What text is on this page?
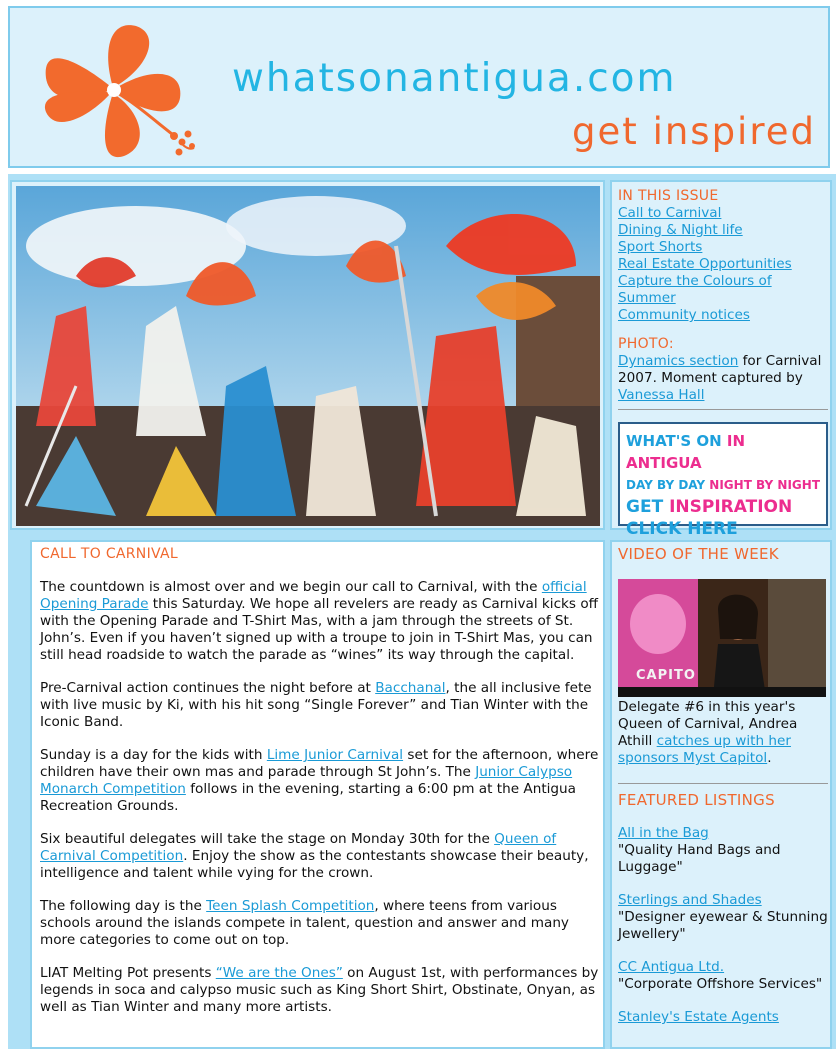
whatsonantigua.com
get inspired
IN THIS ISSUE
Call to Carnival
Dining & Night life
Sport Shorts
Real Estate Opportunities
Capture the Colours of Summer
Community notices
PHOTO:
Dynamics section for Carnival 2007. Moment captured by Vanessa Hall
WHAT'S ON IN ANTIGUA
DAY BY DAY NIGHT BY NIGHT
GET INSPIRATION
CLICK HERE
CALL TO CARNIVAL

The countdown is almost over and we begin our call to Carnival, with the official Opening Parade this Saturday. We hope all revelers are ready as Carnival kicks off with the Opening Parade and T-Shirt Mas, with a jam through the streets of St. John’s. Even if you haven’t signed up with a troupe to join in T-Shirt Mas, you can still head roadside to watch the parade as “wines” its way through the capital.

Pre-Carnival action continues the night before at Bacchanal, the all inclusive fete with live music by Ki, with his hit song “Single Forever” and Tian Winter with the Iconic Band.

Sunday is a day for the kids with Lime Junior Carnival set for the afternoon, where children have their own mas and parade through St John’s. The Junior Calypso Monarch Competition follows in the evening, starting a 6:00 pm at the Antigua Recreation Grounds.

Six beautiful delegates will take the stage on Monday 30th for the Queen of Carnival Competition. Enjoy the show as the contestants showcase their beauty, intelligence and talent while vying for the crown.

The following day is the Teen Splash Competition, where teens from various schools around the islands compete in talent, question and answer and many more categories to come out on top.

LIAT Melting Pot presents “We are the Ones” on August 1st, with performances by legends in soca and calypso music such as King Short Shirt, Obstinate, Onyan, as well as Tian Winter and many more artists.

VIDEO OF THE WEEK
CAPITO
Delegate #6 in this year's Queen of Carnival, Andrea Athill catches up with her sponsors Myst Capitol.
FEATURED LISTINGS
All in the Bag
"Quality Hand Bags and Luggage"
Sterlings and Shades
"Designer eyewear & Stunning Jewellery"
CC Antigua Ltd.
"Corporate Offshore Services"
Stanley's Estate Agents
